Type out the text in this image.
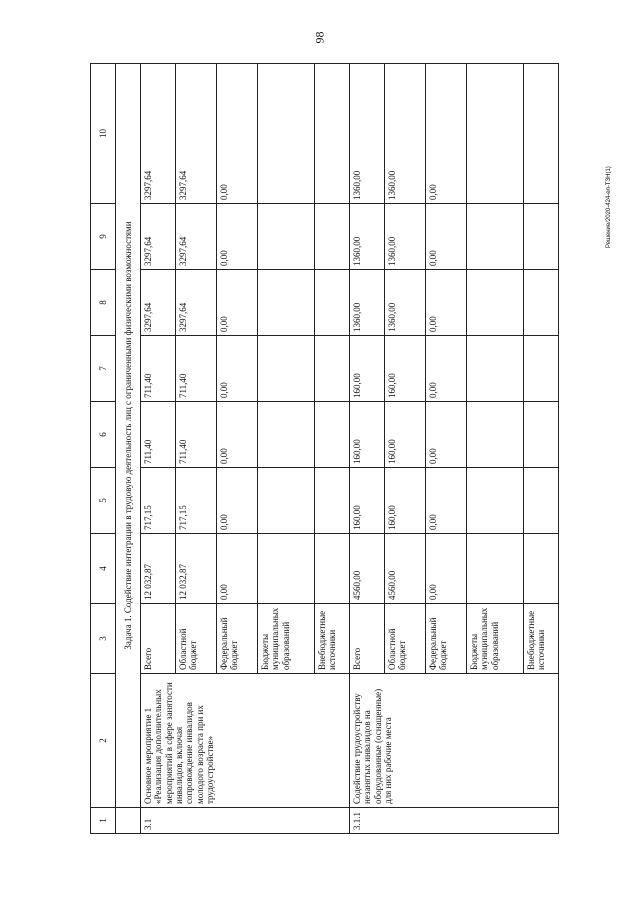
98
Решение/2020-424-ел-ТЗН(1)
1	2	3	4	5	6	7	8	9	10
	Задача 1. Содействие интеграции в трудовую деятельность лиц с ограниченными физическими возможностями								
3.1	Основное мероприятие 1 «Реализация дополнительных мероприятий в сфере занятости инвалидов, включая сопровождение инвалидов молодого возраста при их трудоустройстве»	Всего	12 032,87	717,15	711,40	711,40	3297,64	3297,64	3297,64
		Областной бюджет	12 032,87	717,15	711,40	711,40	3297,64	3297,64	3297,64
		Федеральный бюджет	0,00	0,00	0,00	0,00	0,00	0,00	0,00
		Бюджеты муниципальных образований							
		Внебюджетные источники							
3.1.1	Содействие трудоустройству незанятых инвалидов на оборудованные (оснащенные) для них рабочие места	Всего	4560,00	160,00	160,00	160,00	1360,00	1360,00	1360,00
		Областной бюджет	4560,00	160,00	160,00	160,00	1360,00	1360,00	1360,00
		Федеральный бюджет	0,00	0,00	0,00	0,00	0,00	0,00	0,00
		Бюджеты муниципальных образований							
		Внебюджетные источники							
